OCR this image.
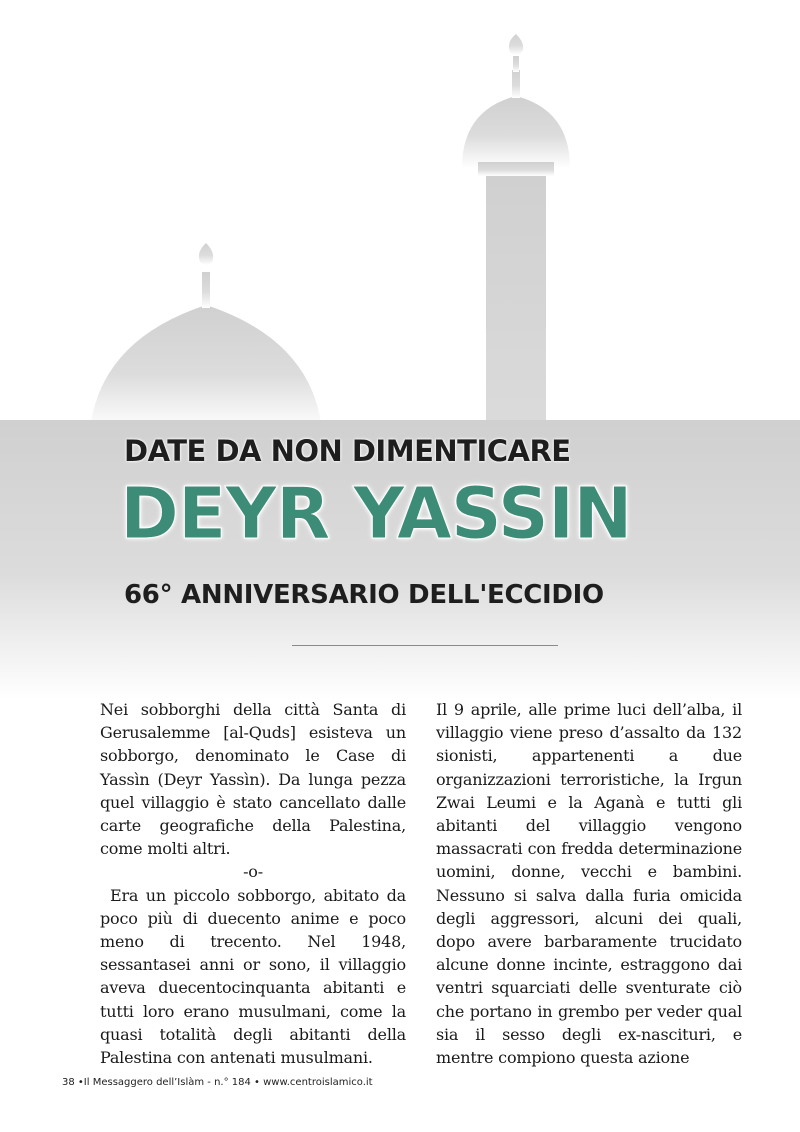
DATE DA NON DIMENTICARE
DEYR YASSIN
66° ANNIVERSARIO DELL'ECCIDIO

Nei sobborghi della città Santa di Gerusalemme [al-Quds] esisteva un sobborgo, denominato le Case di Yassìn (Deyr Yassìn). Da lunga pezza quel villaggio è stato cancellato dalle carte geografiche della Palestina, come molti altri.

-o-

Era un piccolo sobborgo, abitato da poco più di duecento anime e poco meno di trecento. Nel 1948, sessantasei anni or sono, il villaggio aveva duecentocinquanta abitanti e tutti loro erano musulmani, come la quasi totalità degli abitanti della Palestina con antenati musulmani.

Il 9 aprile, alle prime luci dell’alba, il villaggio viene preso d’assalto da 132 sionisti, appartenenti a due organizzazioni terroristiche, la Irgun Zwai Leumi e la Aganà e tutti gli abitanti del villaggio vengono massacrati con fredda determinazione uomini, donne, vecchi e bambini. Nessuno si salva dalla furia omicida degli aggressori, alcuni dei quali, dopo avere barbaramente trucidato alcune donne incinte, estraggono dai ventri squarciati delle sventurate ciò che portano in grembo per veder qual sia il sesso degli ex-nascituri, e mentre compiono questa azione

38 •Il Messaggero dell’Islàm - n.° 184 • www.centroislamico.it
